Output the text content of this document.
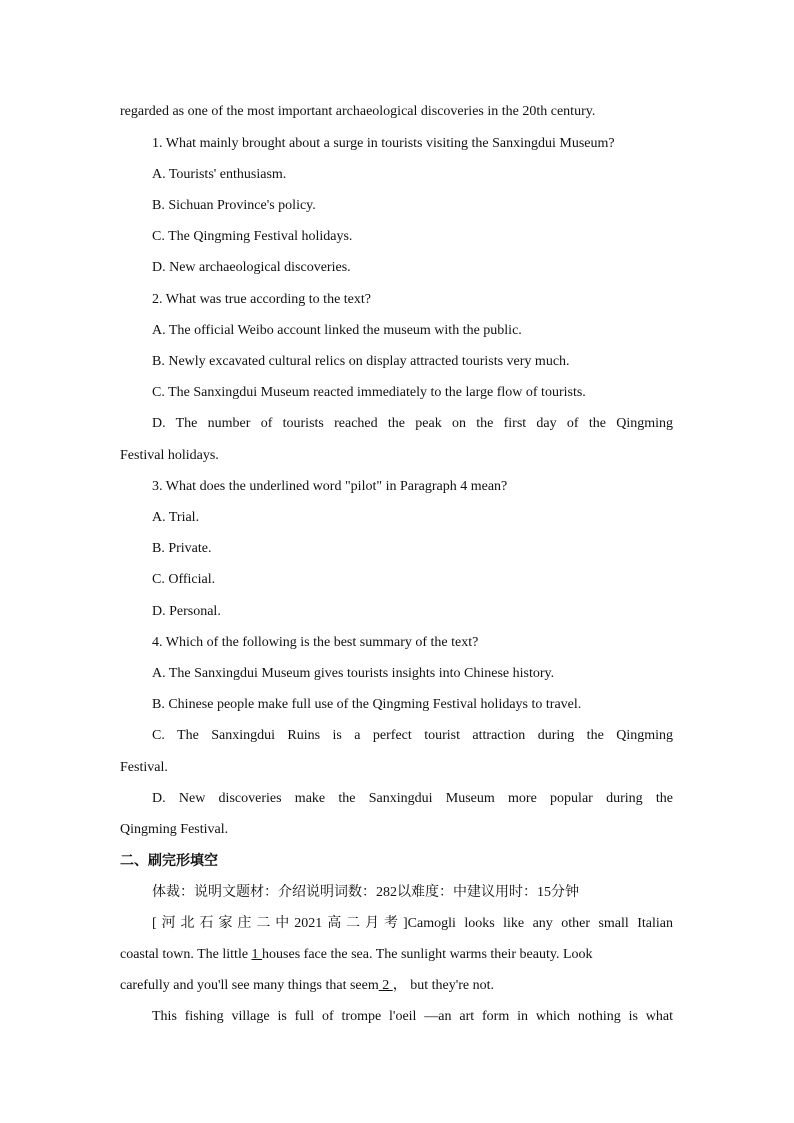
regarded as one of the most important archaeological discoveries in the 20th century.
1. What mainly brought about a surge in tourists visiting the Sanxingdui Museum?
A. Tourists' enthusiasm.
B. Sichuan Province's policy.
C. The Qingming Festival holidays.
D. New archaeological discoveries.
2. What was true according to the text?
A. The official Weibo account linked the museum with the public.
B. Newly excavated cultural relics on display attracted tourists very much.
C. The Sanxingdui Museum reacted immediately to the large flow of tourists.
D. The number of tourists reached the peak on the first day of the Qingming
Festival holidays.
3. What does the underlined word "pilot" in Paragraph 4 mean?
A. Trial.
B. Private.
C. Official.
D. Personal.
4. Which of the following is the best summary of the text?
A. The Sanxingdui Museum gives tourists insights into Chinese history.
B. Chinese people make full use of the Qingming Festival holidays to travel.
C. The Sanxingdui Ruins is a perfect tourist attraction during the Qingming
Festival.
D. New discoveries make the Sanxingdui Museum more popular during the
Qingming Festival.
二、刷完形填空
体裁：说明文题材：介绍说明词数：282以难度：中建议用时：15分钟
[河北石家庄二中2021高二月考]Camogli looks like any other small Italian
coastal town. The little 1 houses face the sea. The sunlight warms their beauty. Look
carefully and you'll see many things that seem 2 ， but they're not.
This fishing village is full of trompe l'oeil —an art form in which nothing is what
